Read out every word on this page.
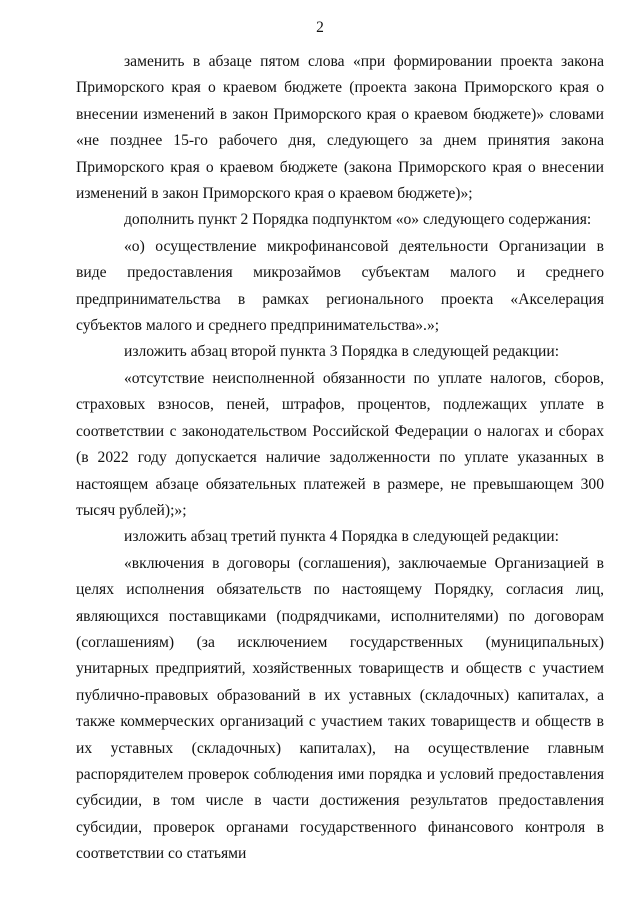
2

заменить в абзаце пятом слова «при формировании проекта закона Приморского края о краевом бюджете (проекта закона Приморского края о внесении изменений в закон Приморского края о краевом бюджете)» словами «не позднее 15-го рабочего дня, следующего за днем принятия закона Приморского края о краевом бюджете (закона Приморского края о внесении изменений в закон Приморского края о краевом бюджете)»;

дополнить пункт 2 Порядка подпунктом «о» следующего содержания:

«о) осуществление микрофинансовой деятельности Организации в виде предоставления микрозаймов субъектам малого и среднего предпринимательства в рамках регионального проекта «Акселерация субъектов малого и среднего предпринимательства».»;

изложить абзац второй пункта 3 Порядка в следующей редакции:

«отсутствие неисполненной обязанности по уплате налогов, сборов, страховых взносов, пеней, штрафов, процентов, подлежащих уплате в соответствии с законодательством Российской Федерации о налогах и сборах (в 2022 году допускается наличие задолженности по уплате указанных в настоящем абзаце обязательных платежей в размере, не превышающем 300 тысяч рублей);»;

изложить абзац третий пункта 4 Порядка в следующей редакции:

«включения в договоры (соглашения), заключаемые Организацией в целях исполнения обязательств по настоящему Порядку, согласия лиц, являющихся поставщиками (подрядчиками, исполнителями) по договорам (соглашениям) (за исключением государственных (муниципальных) унитарных предприятий, хозяйственных товариществ и обществ с участием публично-правовых образований в их уставных (складочных) капиталах, а также коммерческих организаций с участием таких товариществ и обществ в их уставных (складочных) капиталах), на осуществление главным распорядителем проверок соблюдения ими порядка и условий предоставления субсидии, в том числе в части достижения результатов предоставления субсидии, проверок органами государственного финансового контроля в соответствии со статьями
